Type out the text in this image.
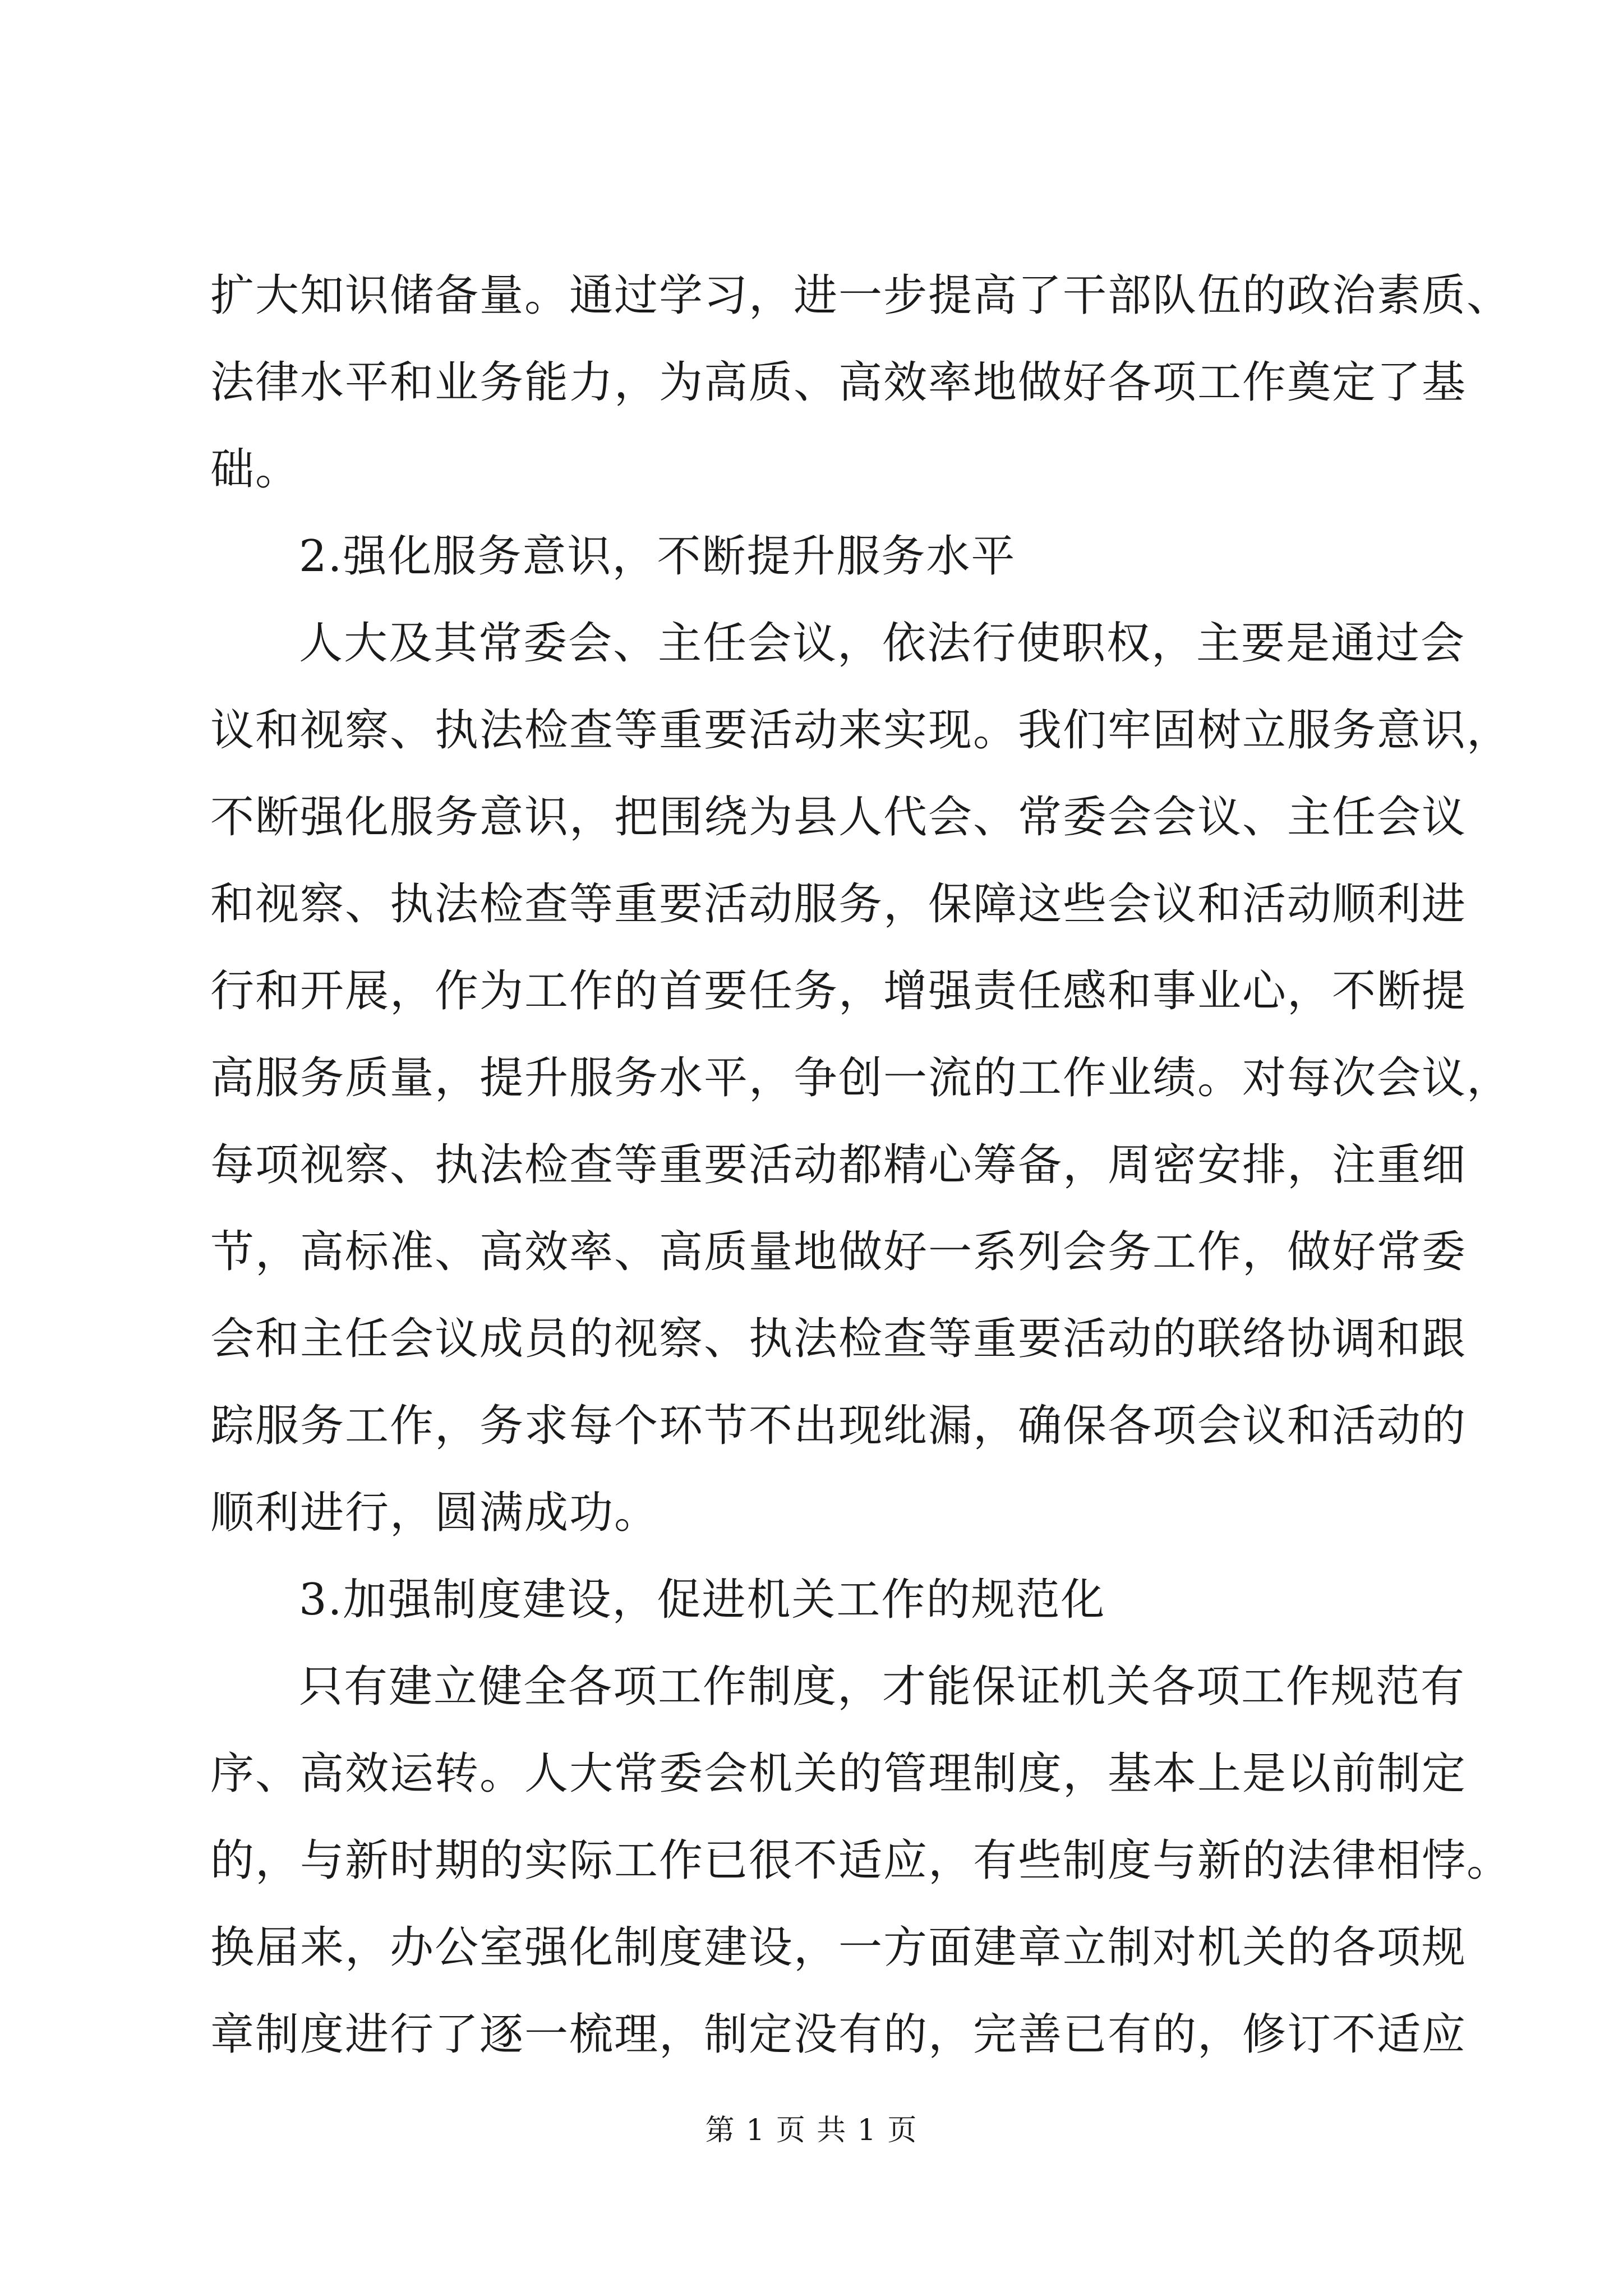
扩大知识储备量。通过学习，进一步提高了干部队伍的政治素质、
法律水平和业务能力，为高质、高效率地做好各项工作奠定了基
础。
2.强化服务意识，不断提升服务水平
人大及其常委会、主任会议，依法行使职权，主要是通过会
议和视察、执法检查等重要活动来实现。我们牢固树立服务意识，
不断强化服务意识，把围绕为县人代会、常委会会议、主任会议
和视察、执法检查等重要活动服务，保障这些会议和活动顺利进
行和开展，作为工作的首要任务，增强责任感和事业心，不断提
高服务质量，提升服务水平，争创一流的工作业绩。对每次会议，
每项视察、执法检查等重要活动都精心筹备，周密安排，注重细
节，高标准、高效率、高质量地做好一系列会务工作，做好常委
会和主任会议成员的视察、执法检查等重要活动的联络协调和跟
踪服务工作，务求每个环节不出现纰漏，确保各项会议和活动的
顺利进行，圆满成功。
3.加强制度建设，促进机关工作的规范化
只有建立健全各项工作制度，才能保证机关各项工作规范有
序、高效运转。人大常委会机关的管理制度，基本上是以前制定
的，与新时期的实际工作已很不适应，有些制度与新的法律相悖。
换届来，办公室强化制度建设，一方面建章立制对机关的各项规
章制度进行了逐一梳理，制定没有的，完善已有的，修订不适应
第 1 页 共 1 页
